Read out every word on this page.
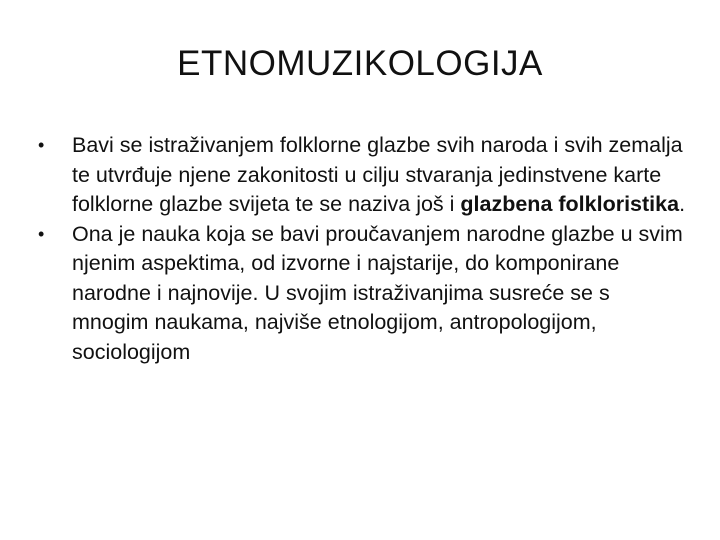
ETNOMUZIKOLOGIJA
• Bavi se istraživanjem folklorne glazbe svih naroda i svih zemalja te utvrđuje njene zakonitosti u cilju stvaranja jedinstvene karte folklorne glazbe svijeta te se naziva još i glazbena folkloristika.
• Ona je nauka koja se bavi proučavanjem narodne glazbe u svim njenim aspektima, od izvorne i najstarije, do komponirane narodne i najnovije. U svojim istraživanjima susreće se s mnogim naukama, najviše etnologijom, antropologijom, sociologijom
